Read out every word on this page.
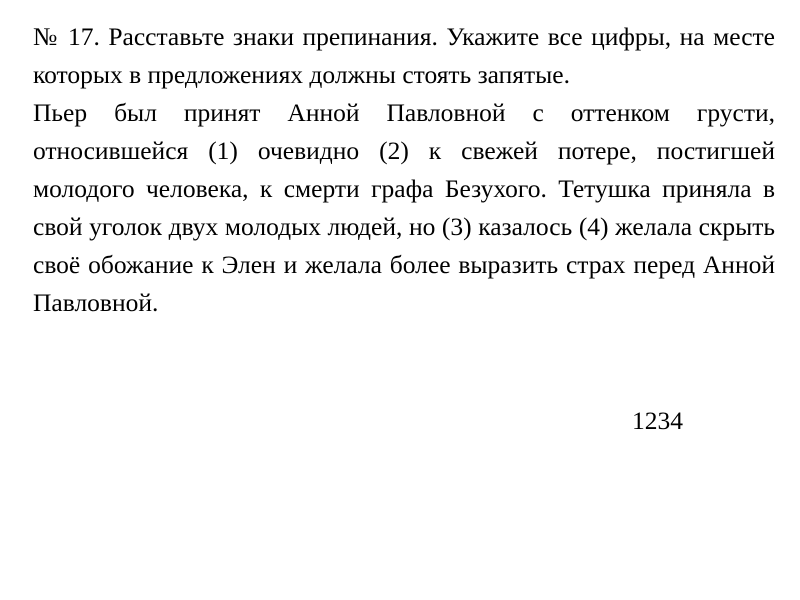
№ 17. Расставьте знаки препинания. Укажите все цифры, на месте которых в предложениях должны стоять запятые.

Пьер был принят Анной Павловной с оттенком грусти, относившейся (1) очевидно (2) к свежей потере, постигшей молодого человека, к смерти графа Безухого. Тетушка приняла в свой уголок двух молодых людей, но (3) казалось (4) желала скрыть своё обожание к Элен и желала более выразить страх перед Анной Павловной.

1234
